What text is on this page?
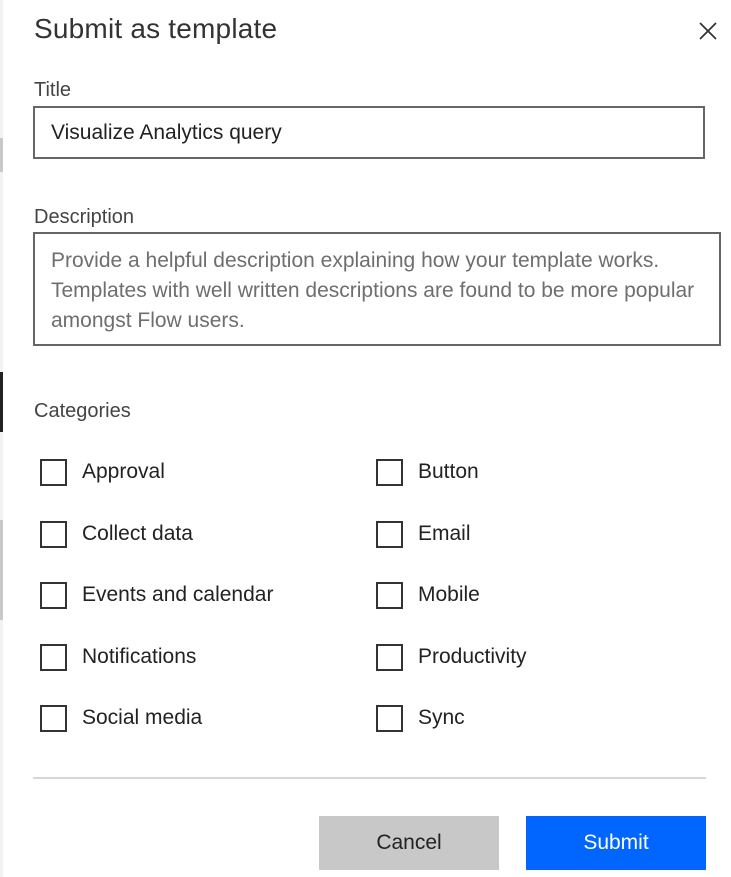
Submit as template
Title
Visualize Analytics query
Description
Provide a helpful description explaining how your template works. Templates with well written descriptions are found to be more popular amongst Flow users.
Categories
Approval	Button
Collect data	Email
Events and calendar	Mobile
Notifications	Productivity
Social media	Sync
Cancel	Submit
